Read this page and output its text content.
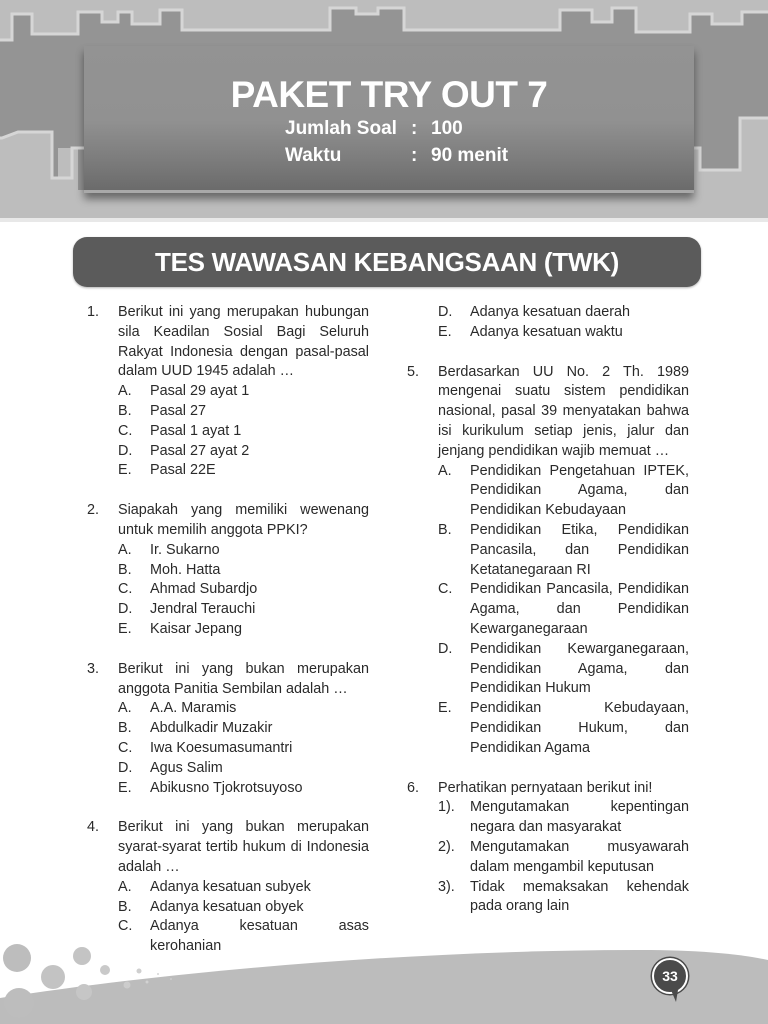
PAKET TRY OUT 7
Jumlah Soal : 100
Waktu	: 90 menit
TES WAWASAN KEBANGSAAN (TWK)
1. Berikut ini yang merupakan hubungan sila Keadilan Sosial Bagi Seluruh Rakyat Indonesia dengan pasal-pasal dalam UUD 1945 adalah …
A. Pasal 29 ayat 1
B. Pasal 27
C. Pasal 1 ayat 1
D. Pasal 27 ayat 2
E. Pasal 22E
2. Siapakah yang memiliki wewenang untuk memilih anggota PPKI?
A. Ir. Sukarno
B. Moh. Hatta
C. Ahmad Subardjo
D. Jendral Terauchi
E. Kaisar Jepang
3. Berikut ini yang bukan merupakan anggota Panitia Sembilan adalah …
A. A.A. Maramis
B. Abdulkadir Muzakir
C. Iwa Koesumasumantri
D. Agus Salim
E. Abikusno Tjokrotsuyoso
4. Berikut ini yang bukan merupakan syarat-syarat tertib hukum di Indonesia adalah …
A. Adanya kesatuan subyek
B. Adanya kesatuan obyek
C. Adanya kesatuan asas kerohanian
D. Adanya kesatuan daerah
E. Adanya kesatuan waktu
5. Berdasarkan UU No. 2 Th. 1989 mengenai suatu sistem pendidikan nasional, pasal 39 menyatakan bahwa isi kurikulum setiap jenis, jalur dan jenjang pendidikan wajib memuat …
A. Pendidikan Pengetahuan IPTEK, Pendidikan Agama, dan Pendidikan Kebudayaan
B. Pendidikan Etika, Pendidikan Pancasila, dan Pendidikan Ketatanegaraan RI
C. Pendidikan Pancasila, Pendidikan Agama, dan Pendidikan Kewarganegaraan
D. Pendidikan Kewarganegaraan, Pendidikan Agama, dan Pendidikan Hukum
E. Pendidikan Kebudayaan, Pendidikan Hukum, dan Pendidikan Agama
6. Perhatikan pernyataan berikut ini!
1). Mengutamakan kepentingan negara dan masyarakat
2). Mengutamakan musyawarah dalam mengambil keputusan
3). Tidak memaksakan kehendak pada orang lain
33
